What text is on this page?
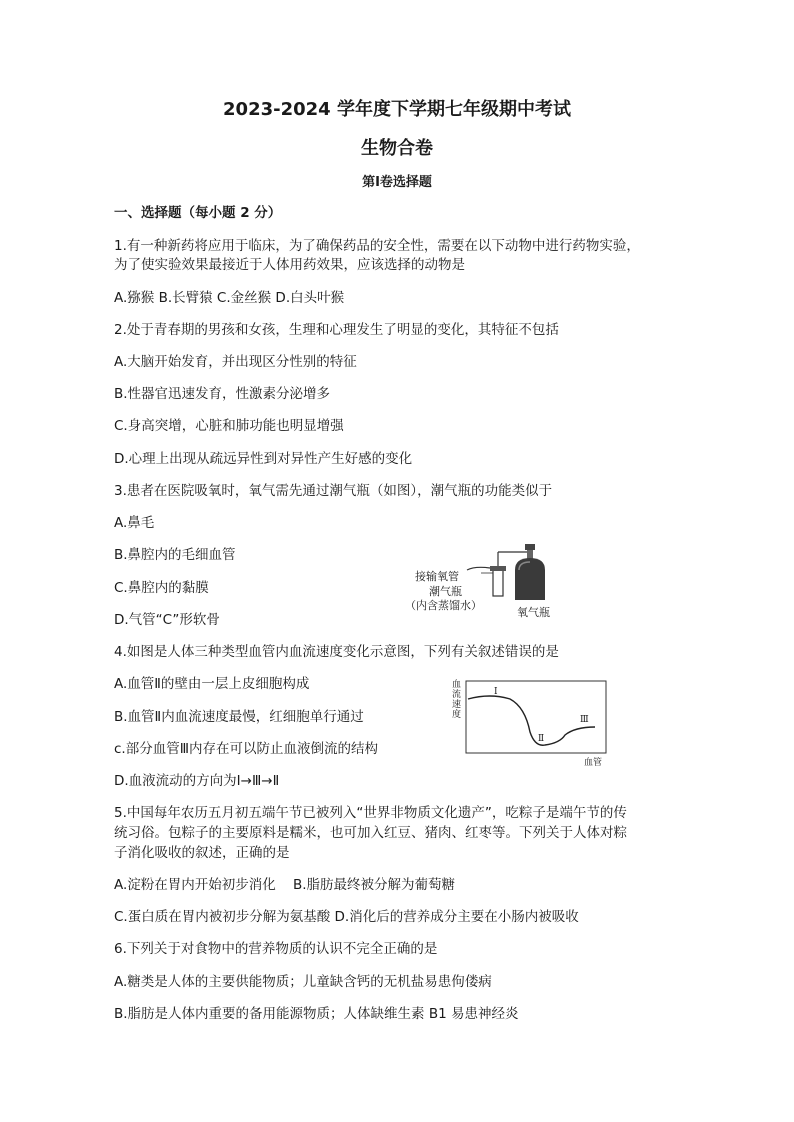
2023-2024 学年度下学期七年级期中考试
生物合卷
第Ⅰ卷选择题
一、选择题（每小题 2 分）
1.有一种新药将应用于临床，为了确保药品的安全性，需要在以下动物中进行药物实验，
为了使实验效果最接近于人体用药效果，应该选择的动物是
A.猕猴 B.长臂猿 C.金丝猴 D.白头叶猴
2.处于青春期的男孩和女孩，生理和心理发生了明显的变化，其特征不包括
A.大脑开始发育，并出现区分性别的特征
B.性器官迅速发育，性激素分泌增多
C.身高突增，心脏和肺功能也明显增强
D.心理上出现从疏远异性到对异性产生好感的变化
3.患者在医院吸氧时，氧气需先通过潮气瓶（如图），潮气瓶的功能类似于
A.鼻毛
B.鼻腔内的毛细血管
C.鼻腔内的黏膜
D.气管“C”形软骨
接输氧管
潮气瓶
（内含蒸馏水）
氧气瓶
4.如图是人体三种类型血管内血流速度变化示意图，下列有关叙述错误的是
A.血管Ⅱ的壁由一层上皮细胞构成
B.血管Ⅱ内血流速度最慢，红细胞单行通过
c.部分血管Ⅲ内存在可以防止血液倒流的结构
D.血液流动的方向为Ⅰ→Ⅲ→Ⅱ
血
流
速
度
Ⅰ
Ⅱ
Ⅲ
血管
5.中国每年农历五月初五端午节已被列入“世界非物质文化遗产”，吃粽子是端午节的传
统习俗。包粽子的主要原料是糯米，也可加入红豆、猪肉、红枣等。下列关于人体对粽
子消化吸收的叙述，正确的是
A.淀粉在胃内开始初步消化    B.脂肪最终被分解为葡萄糖
C.蛋白质在胃内被初步分解为氨基酸 D.消化后的营养成分主要在小肠内被吸收
6.下列关于对食物中的营养物质的认识不完全正确的是
A.糖类是人体的主要供能物质；儿童缺含钙的无机盐易患佝偻病
B.脂肪是人体内重要的备用能源物质；人体缺维生素 B1 易患神经炎
